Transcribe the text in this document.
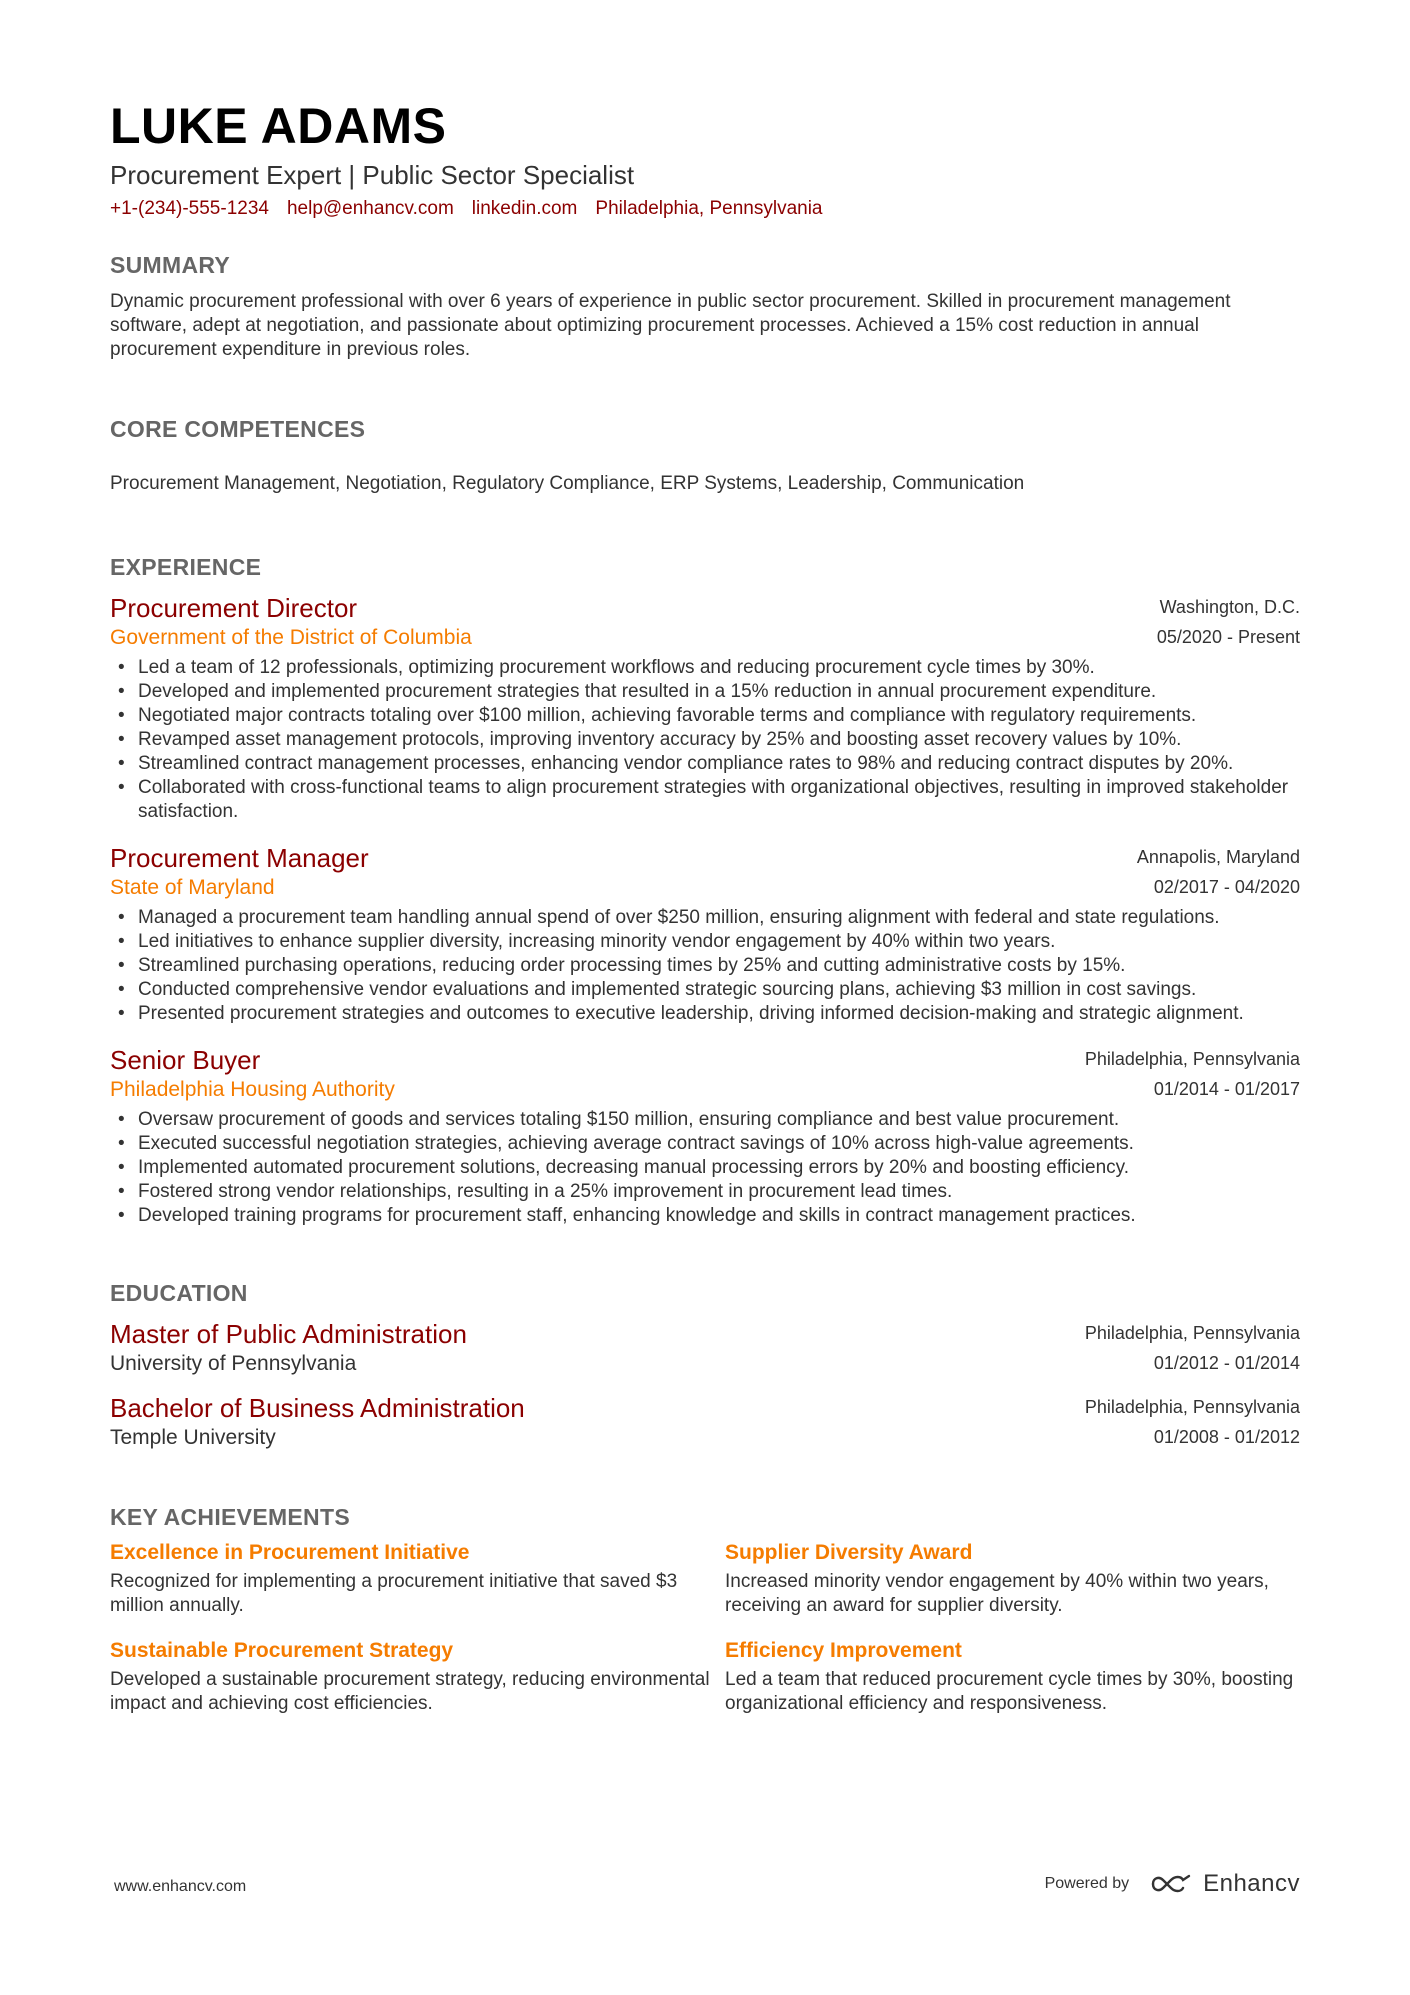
LUKE ADAMS
Procurement Expert | Public Sector Specialist
+1-(234)-555-1234 help@enhancv.com linkedin.com Philadelphia, Pennsylvania
SUMMARY

Dynamic procurement professional with over 6 years of experience in public sector procurement. Skilled in procurement management software, adept at negotiation, and passionate about optimizing procurement processes. Achieved a 15% cost reduction in annual procurement expenditure in previous roles.

CORE COMPETENCES

Procurement Management, Negotiation, Regulatory Compliance, ERP Systems, Leadership, Communication

EXPERIENCE
Procurement Director
Government of the District of Columbia
Washington, D.C.
05/2020 - Present
• Led a team of 12 professionals, optimizing procurement workflows and reducing procurement cycle times by 30%.
• Developed and implemented procurement strategies that resulted in a 15% reduction in annual procurement expenditure.
• Negotiated major contracts totaling over $100 million, achieving favorable terms and compliance with regulatory requirements.
• Revamped asset management protocols, improving inventory accuracy by 25% and boosting asset recovery values by 10%.
• Streamlined contract management processes, enhancing vendor compliance rates to 98% and reducing contract disputes by 20%.
• Collaborated with cross-functional teams to align procurement strategies with organizational objectives, resulting in improved stakeholder satisfaction.
Procurement Manager
State of Maryland
Annapolis, Maryland
02/2017 - 04/2020
• Managed a procurement team handling annual spend of over $250 million, ensuring alignment with federal and state regulations.
• Led initiatives to enhance supplier diversity, increasing minority vendor engagement by 40% within two years.
• Streamlined purchasing operations, reducing order processing times by 25% and cutting administrative costs by 15%.
• Conducted comprehensive vendor evaluations and implemented strategic sourcing plans, achieving $3 million in cost savings.
• Presented procurement strategies and outcomes to executive leadership, driving informed decision-making and strategic alignment.
Senior Buyer
Philadelphia Housing Authority
Philadelphia, Pennsylvania
01/2014 - 01/2017
• Oversaw procurement of goods and services totaling $150 million, ensuring compliance and best value procurement.
• Executed successful negotiation strategies, achieving average contract savings of 10% across high-value agreements.
• Implemented automated procurement solutions, decreasing manual processing errors by 20% and boosting efficiency.
• Fostered strong vendor relationships, resulting in a 25% improvement in procurement lead times.
• Developed training programs for procurement staff, enhancing knowledge and skills in contract management practices.
EDUCATION
Master of Public Administration
University of Pennsylvania
Philadelphia, Pennsylvania
01/2012 - 01/2014
Bachelor of Business Administration
Temple University
Philadelphia, Pennsylvania
01/2008 - 01/2012
KEY ACHIEVEMENTS
Excellence in Procurement Initiative
Recognized for implementing a procurement initiative that saved $3 million annually.
Supplier Diversity Award
Increased minority vendor engagement by 40% within two years, receiving an award for supplier diversity.
Sustainable Procurement Strategy
Developed a sustainable procurement strategy, reducing environmental impact and achieving cost efficiencies.
Efficiency Improvement
Led a team that reduced procurement cycle times by 30%, boosting organizational efficiency and responsiveness.
www.enhancv.com	Powered by	Enhancv
